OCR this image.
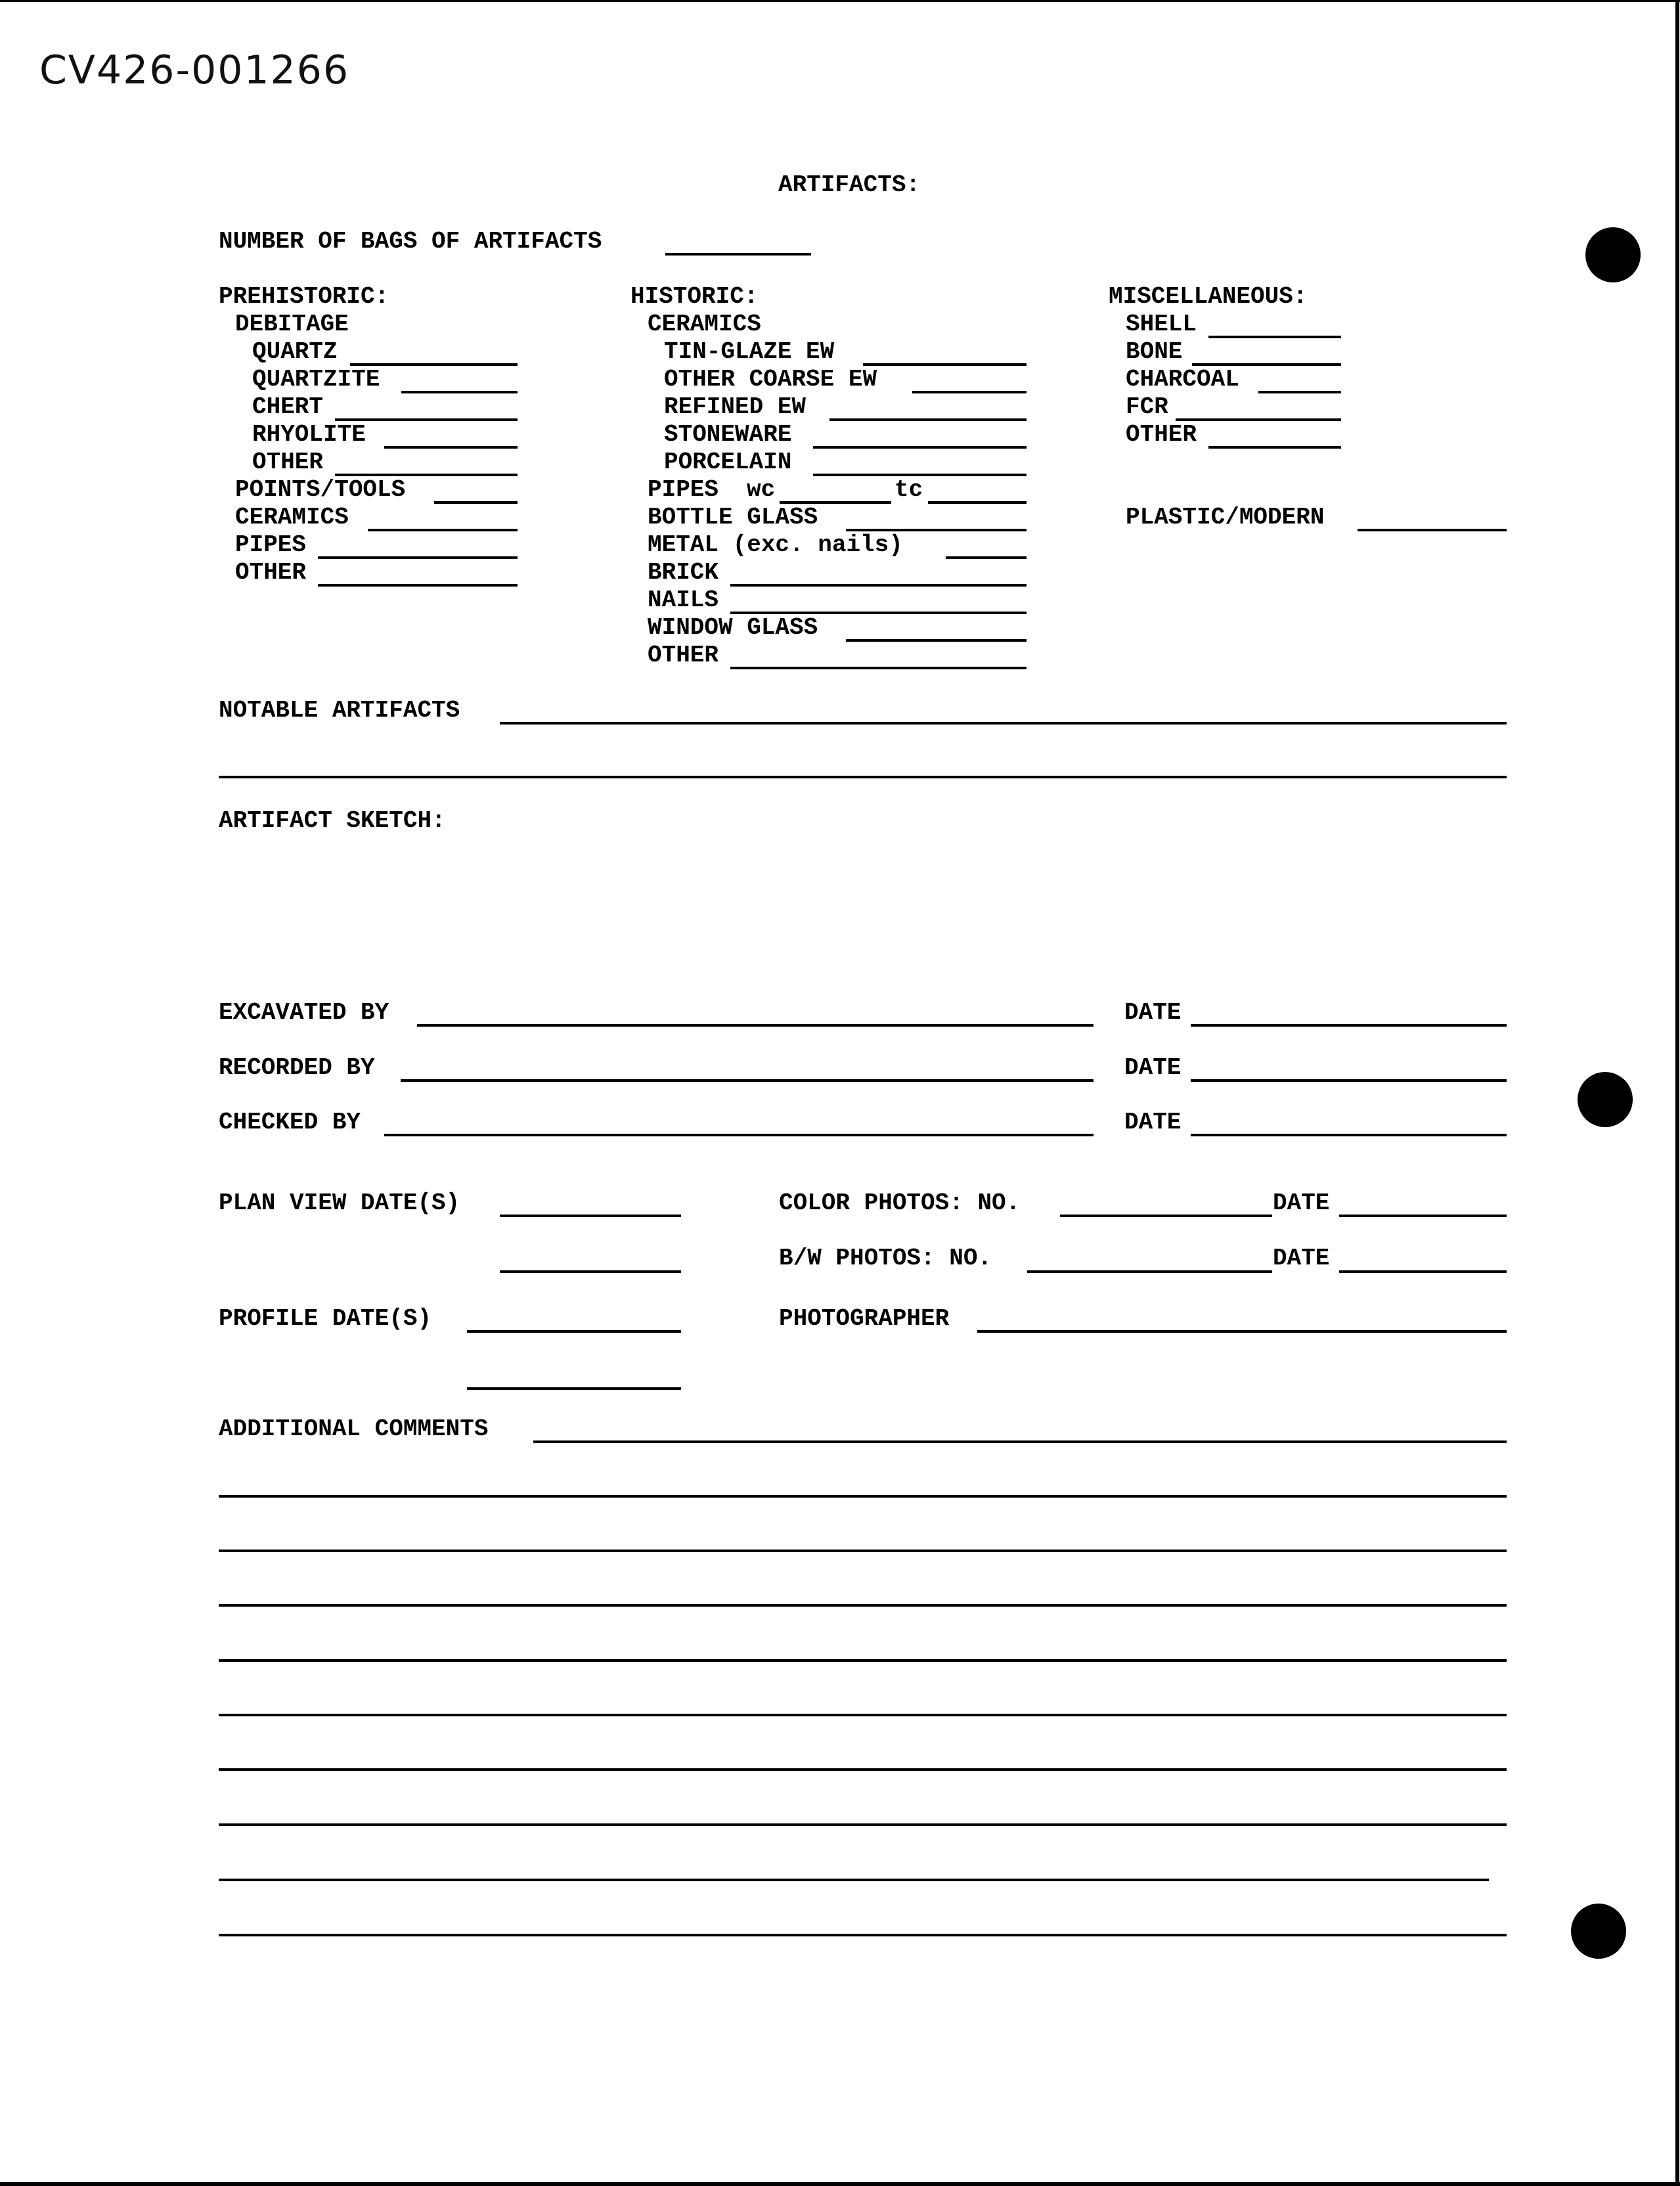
CV426-001266
ARTIFACTS:
NUMBER OF BAGS OF ARTIFACTS
PREHISTORIC:
DEBITAGE
QUARTZ
QUARTZITE
CHERT
RHYOLITE
OTHER
POINTS/TOOLS
CERAMICS
PIPES
OTHER
HISTORIC:
CERAMICS
TIN-GLAZE EW
OTHER COARSE EW
REFINED EW
STONEWARE
PORCELAIN
PIPES wc	tc
BOTTLE GLASS
METAL (exc. nails)
BRICK
NAILS
WINDOW GLASS
OTHER
MISCELLANEOUS:
SHELL
BONE
CHARCOAL
FCR
OTHER
PLASTIC/MODERN
NOTABLE ARTIFACTS
ARTIFACT SKETCH:
EXCAVATED BY	DATE
RECORDED BY	DATE
CHECKED BY	DATE
PLAN VIEW DATE(S)	COLOR PHOTOS: NO.	DATE
B/W PHOTOS: NO.	DATE
PROFILE DATE(S)	PHOTOGRAPHER
ADDITIONAL COMMENTS
